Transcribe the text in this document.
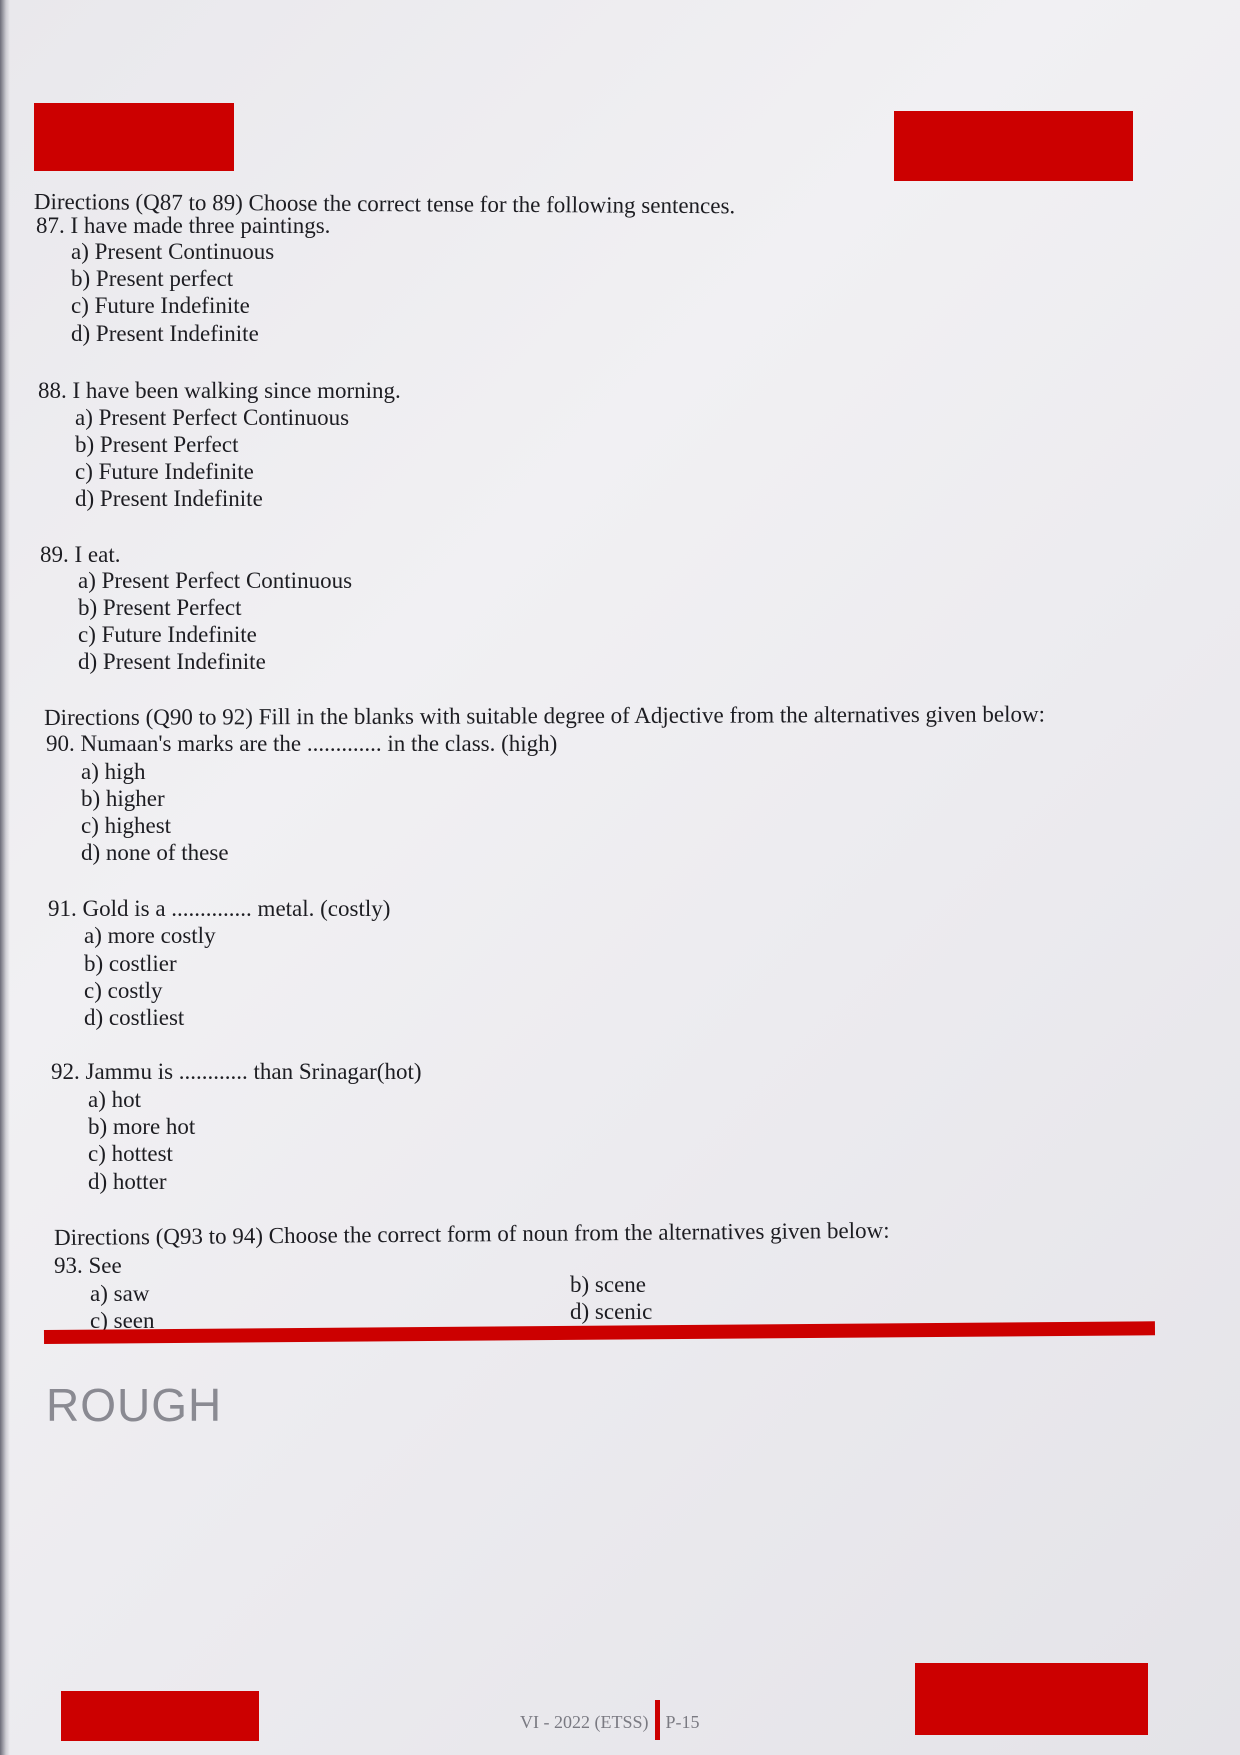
Directions (Q87 to 89) Choose the correct tense for the following sentences.
87. I have made three paintings.
a) Present Continuous
b) Present perfect
c) Future Indefinite
d) Present Indefinite
88. I have been walking since morning.
a) Present Perfect Continuous
b) Present Perfect
c) Future Indefinite
d) Present Indefinite
89. I eat.
a) Present Perfect Continuous
b) Present Perfect
c) Future Indefinite
d) Present Indefinite
Directions (Q90 to 92) Fill in the blanks with suitable degree of Adjective from the alternatives given below:
90. Numaan's marks are the ............. in the class. (high)
a) high
b) higher
c) highest
d) none of these
91. Gold is a .............. metal. (costly)
a) more costly
b) costlier
c) costly
d) costliest
92. Jammu is ............ than Srinagar(hot)
a) hot
b) more hot
c) hottest
d) hotter
Directions (Q93 to 94) Choose the correct form of noun from the alternatives given below:
93. See
a) saw	b) scene
c) seen	d) scenic
ROUGH
VI - 2022 (ETSS) P-15
